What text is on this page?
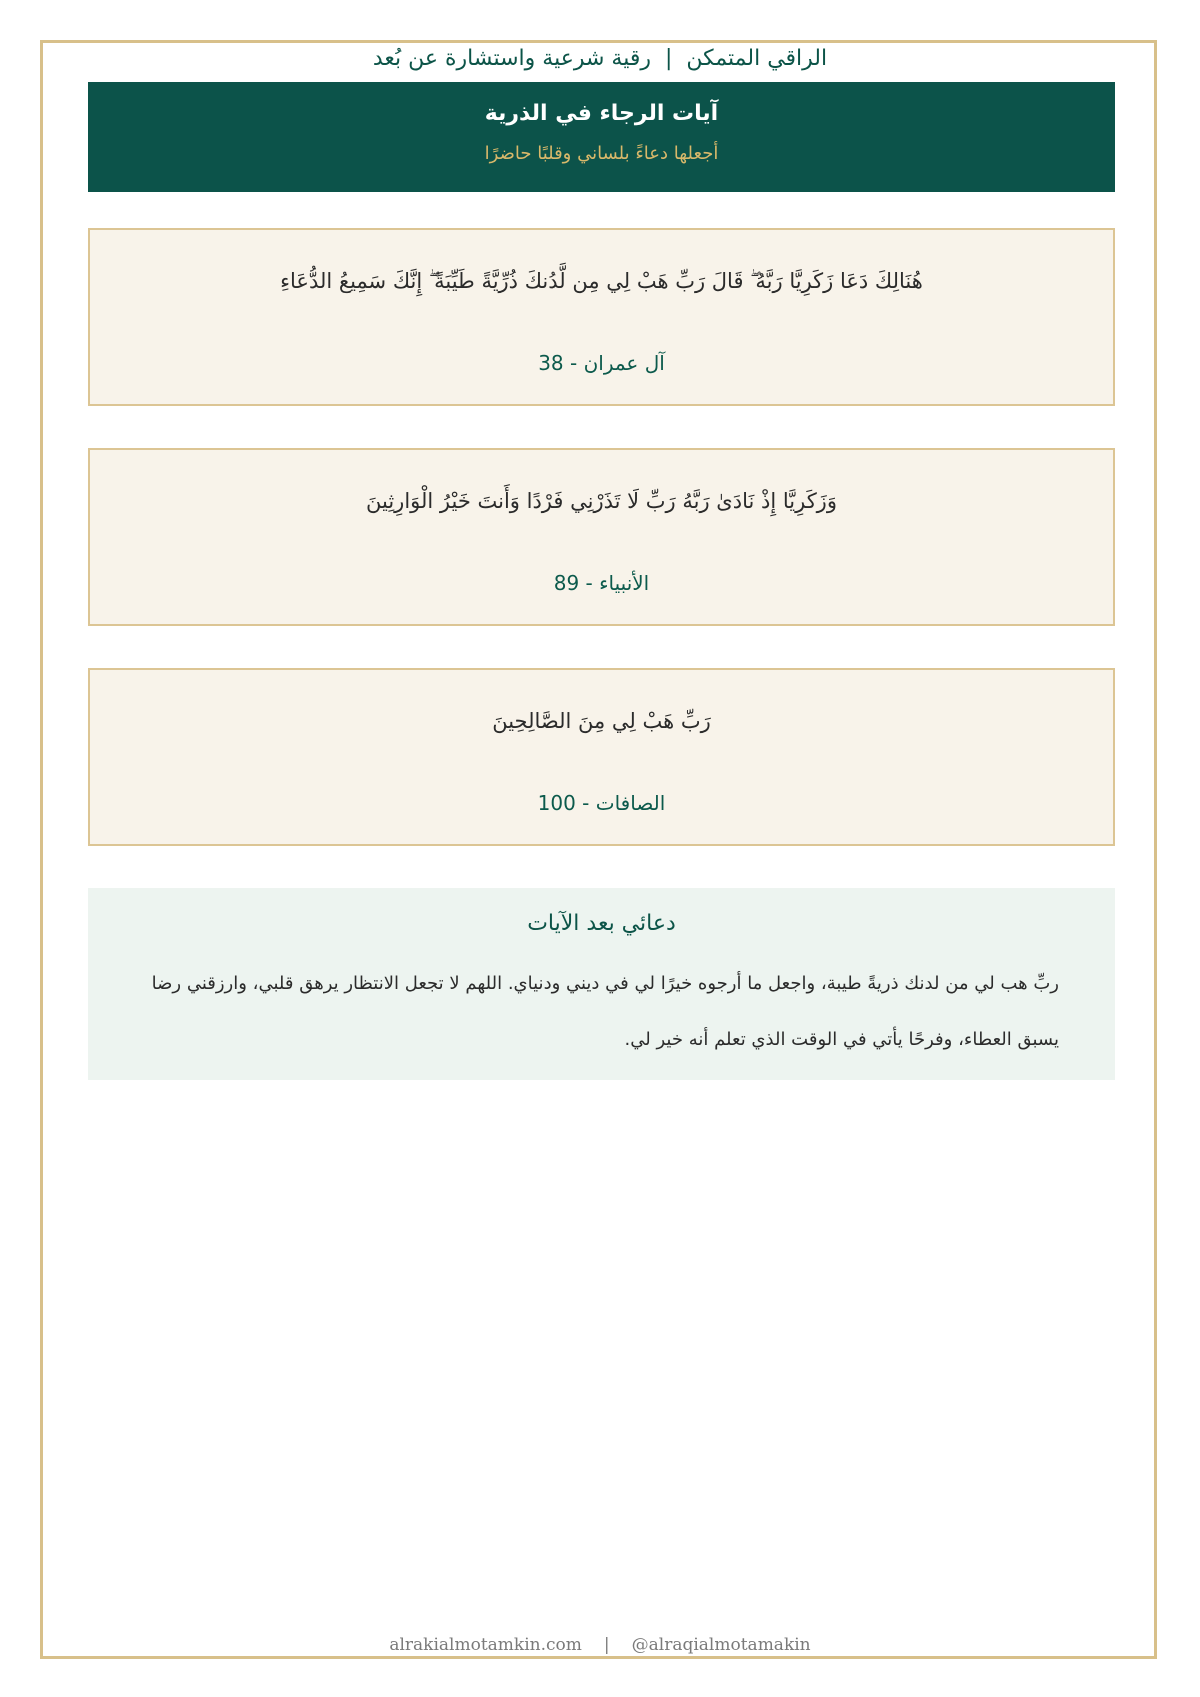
الراقي المتمكن|رقية شرعية واستشارة عن بُعد
آيات الرجاء في الذرية
أجعلها دعاءً بلساني وقلبًا حاضرًا
هُنَالِكَ دَعَا زَكَرِيَّا رَبَّهُ ۖ قَالَ رَبِّ هَبْ لِي مِن لَّدُنكَ ذُرِّيَّةً طَيِّبَةً ۖ إِنَّكَ سَمِيعُ الدُّعَاءِ
آل عمران - 38
وَزَكَرِيَّا إِذْ نَادَىٰ رَبَّهُ رَبِّ لَا تَذَرْنِي فَرْدًا وَأَنتَ خَيْرُ الْوَارِثِينَ
الأنبياء - 89
رَبِّ هَبْ لِي مِنَ الصَّالِحِينَ
الصافات - 100
دعائي بعد الآيات
ربِّ هب لي من لدنك ذريةً طيبة، واجعل ما أرجوه خيرًا لي في ديني ودنياي. اللهم لا تجعل الانتظار يرهق قلبي، وارزقني رضا يسبق العطاء، وفرحًا يأتي في الوقت الذي تعلم أنه خير لي.
alrakialmotamkin.com | @alraqialmotamakin
